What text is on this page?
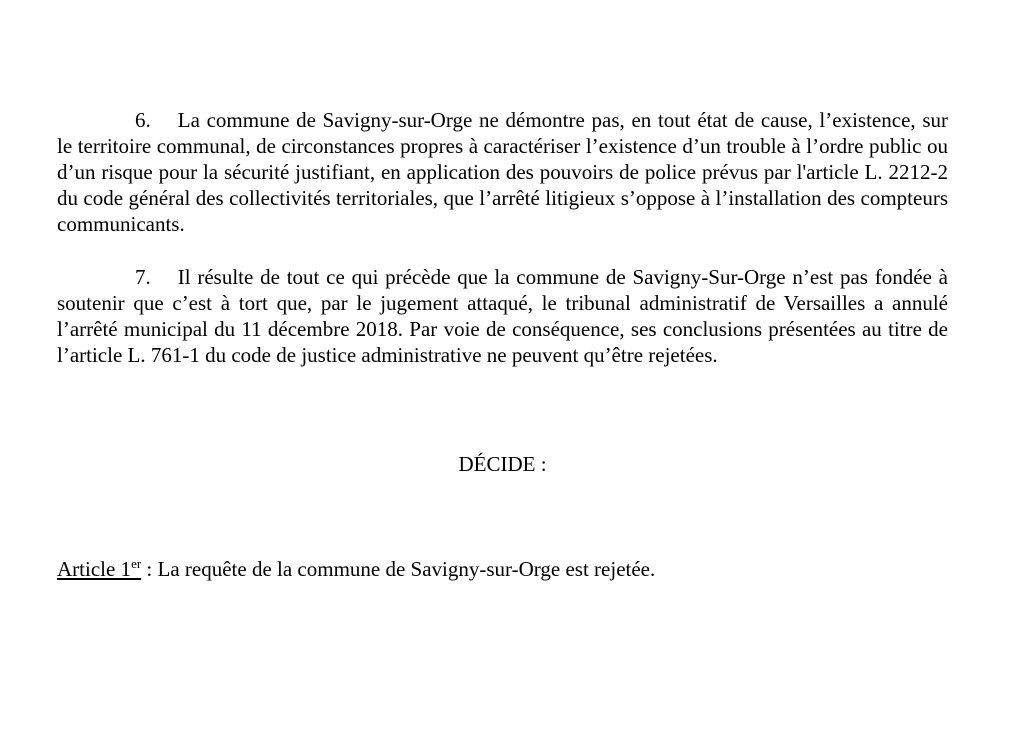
6. La commune de Savigny-sur-Orge ne démontre pas, en tout état de cause, l’existence, sur le territoire communal, de circonstances propres à caractériser l’existence d’un trouble à l’ordre public ou d’un risque pour la sécurité justifiant, en application des pouvoirs de police prévus par l'article L. 2212-2 du code général des collectivités territoriales, que l’arrêté litigieux s’oppose à l’installation des compteurs communicants.

7. Il résulte de tout ce qui précède que la commune de Savigny-Sur-Orge n’est pas fondée à soutenir que c’est à tort que, par le jugement attaqué, le tribunal administratif de Versailles a annulé l’arrêté municipal du 11 décembre 2018. Par voie de conséquence, ses conclusions présentées au titre de l’article L. 761-1 du code de justice administrative ne peuvent qu’être rejetées.

DÉCIDE :

Article 1er : La requête de la commune de Savigny-sur-Orge est rejetée.
